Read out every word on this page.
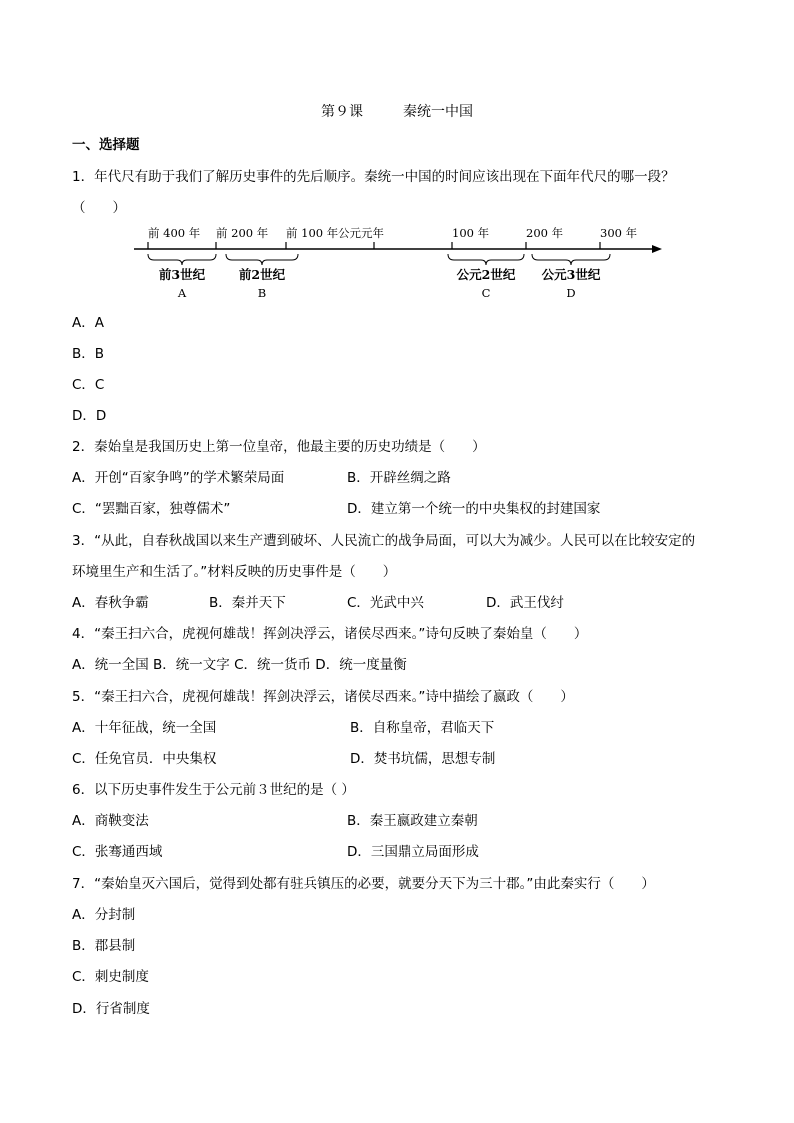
第９课	秦统一中国
一、选择题
1．年代尺有助于我们了解历史事件的先后顺序。秦统一中国的时间应该出现在下面年代尺的哪一段？
（　　）
前 400 年 前 200 年 前 100 年 公元元年	100 年	200 年	300 年
前3世纪	前2世纪	公元2世纪 公元3世纪
A	B	C	D
A．A
B．B
C．C
D．D
2．秦始皇是我国历史上第一位皇帝，他最主要的历史功绩是（　　）
A．开创“百家争鸣”的学术繁荣局面	B．开辟丝绸之路
C．“罢黜百家，独尊儒术”	D．建立第一个统一的中央集权的封建国家
3．“从此，自春秋战国以来生产遭到破坏、人民流亡的战争局面，可以大为减少。人民可以在比较安定的
环境里生产和生活了。”材料反映的历史事件是（　　）
A．春秋争霸	B．秦并天下	C．光武中兴	D．武王伐纣
4．“秦王扫六合，虎视何雄哉！挥剑决浮云，诸侯尽西来。”诗句反映了秦始皇（　　）
A．统一全国 B．统一文字 C．统一货币 D．统一度量衡
5．“秦王扫六合，虎视何雄哉！挥剑决浮云，诸侯尽西来。”诗中描绘了嬴政（　　）
A．十年征战，统一全国	B．自称皇帝，君临天下
C．任免官员．中央集权	D．焚书坑儒，思想专制
6．以下历史事件发生于公元前３世纪的是（ ）
A．商鞅变法	B．秦王嬴政建立秦朝
C．张骞通西域	D．三国鼎立局面形成
7．“秦始皇灭六国后，觉得到处都有驻兵镇压的必要，就要分天下为三十郡。”由此秦实行（　　）
A．分封制
B．郡县制
C．刺史制度
D．行省制度
